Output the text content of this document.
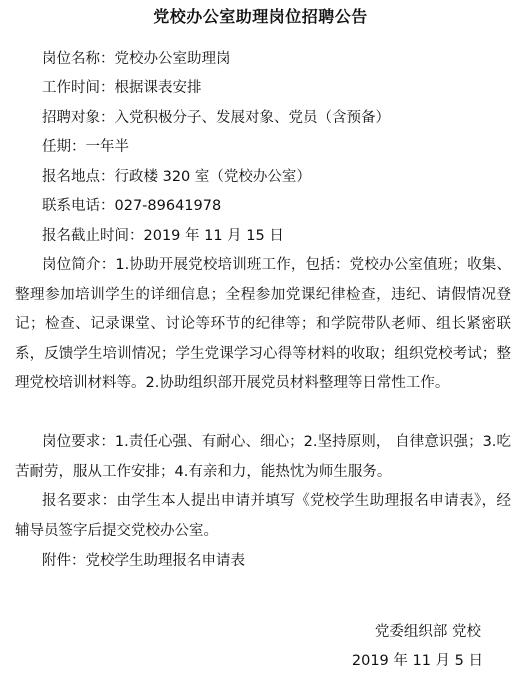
党校办公室助理岗位招聘公告
岗位名称：党校办公室助理岗
工作时间：根据课表安排
招聘对象：入党积极分子、发展对象、党员（含预备）
任期：一年半
报名地点：行政楼 320 室（党校办公室）
联系电话：027-89641978
报名截止时间：2019 年 11 月 15 日
岗位简介：1.协助开展党校培训班工作，包括：党校办公室值班；收集、整理参加培训学生的详细信息；全程参加党课纪律检查，违纪、请假情况登记；检查、记录课堂、讨论等环节的纪律等；和学院带队老师、组长紧密联系，反馈学生培训情况；学生党课学习心得等材料的收取；组织党校考试；整理党校培训材料等。2.协助组织部开展党员材料整理等日常性工作。
岗位要求：1.责任心强、有耐心、细心；2.坚持原则， 自律意识强；3.吃苦耐劳，服从工作安排；4.有亲和力，能热忱为师生服务。
报名要求：由学生本人提出申请并填写《党校学生助理报名申请表》，经辅导员签字后提交党校办公室。
附件：党校学生助理报名申请表
党委组织部 党校
2019 年 11 月 5 日
